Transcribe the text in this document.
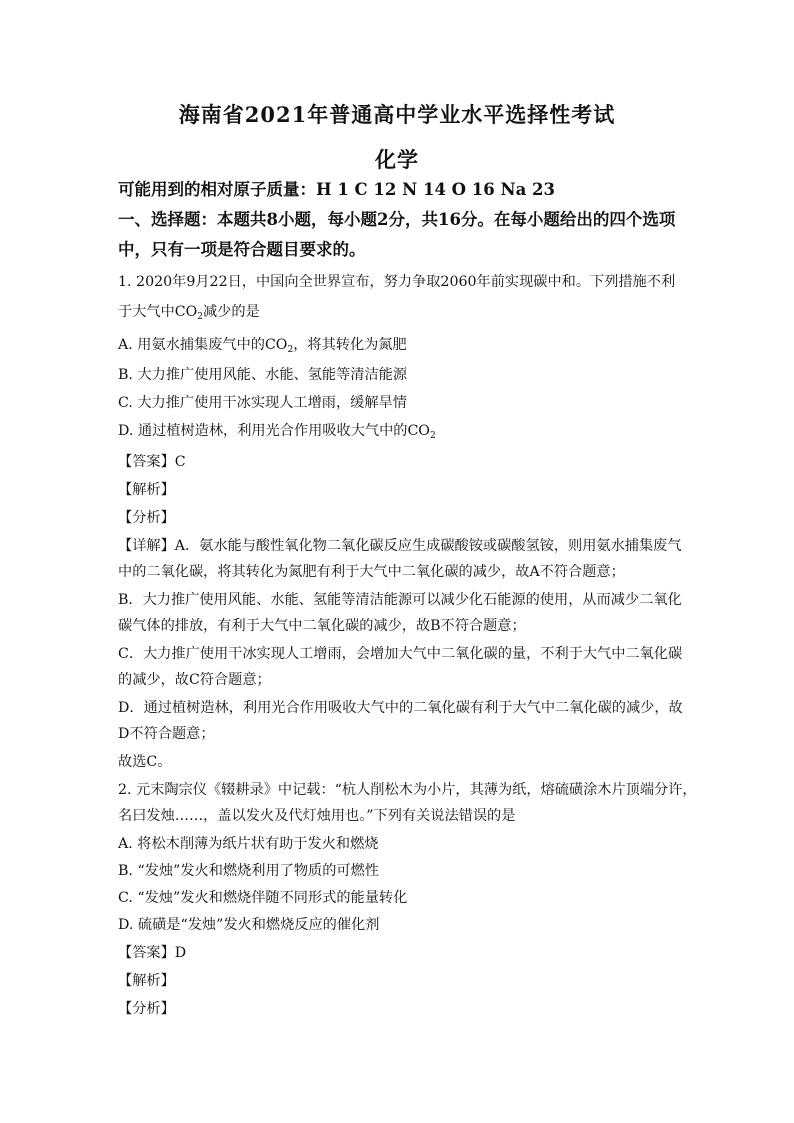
海南省2021年普通高中学业水平选择性考试
化学
可能用到的相对原子质量：H 1 C 12 N 14 O 16 Na 23
一、选择题：本题共8小题，每小题2分，共16分。在每小题给出的四个选项
中，只有一项是符合题目要求的。
1. 2020年9月22日，中国向全世界宣布，努力争取2060年前实现碳中和。下列措施不利
于大气中$CO_2$减少的是
A. 用氨水捕集废气中的$CO_2$，将其转化为氮肥
B. 大力推广使用风能、水能、氢能等清洁能源
C. 大力推广使用干冰实现人工增雨，缓解旱情
D. 通过植树造林，利用光合作用吸收大气中的$CO_2$
【答案】C
【解析】
【分析】
【详解】A．氨水能与酸性氧化物二氧化碳反应生成碳酸铵或碳酸氢铵，则用氨水捕集废气
中的二氧化碳，将其转化为氮肥有利于大气中二氧化碳的减少，故A不符合题意；
B．大力推广使用风能、水能、氢能等清洁能源可以减少化石能源的使用，从而减少二氧化
碳气体的排放，有利于大气中二氧化碳的减少，故B不符合题意；
C．大力推广使用干冰实现人工增雨，会增加大气中二氧化碳的量，不利于大气中二氧化碳
的减少，故C符合题意；
D．通过植树造林，利用光合作用吸收大气中的二氧化碳有利于大气中二氧化碳的减少，故
D不符合题意；
故选C。
2. 元末陶宗仪《辍耕录》中记载：“杭人削松木为小片，其薄为纸，熔硫磺涂木片顶端分许，
名曰发烛……，盖以发火及代灯烛用也。”下列有关说法错误的是
A. 将松木削薄为纸片状有助于发火和燃烧
B. “发烛”发火和燃烧利用了物质的可燃性
C. “发烛”发火和燃烧伴随不同形式的能量转化
D. 硫磺是“发烛”发火和燃烧反应的催化剂
【答案】D
【解析】
【分析】
